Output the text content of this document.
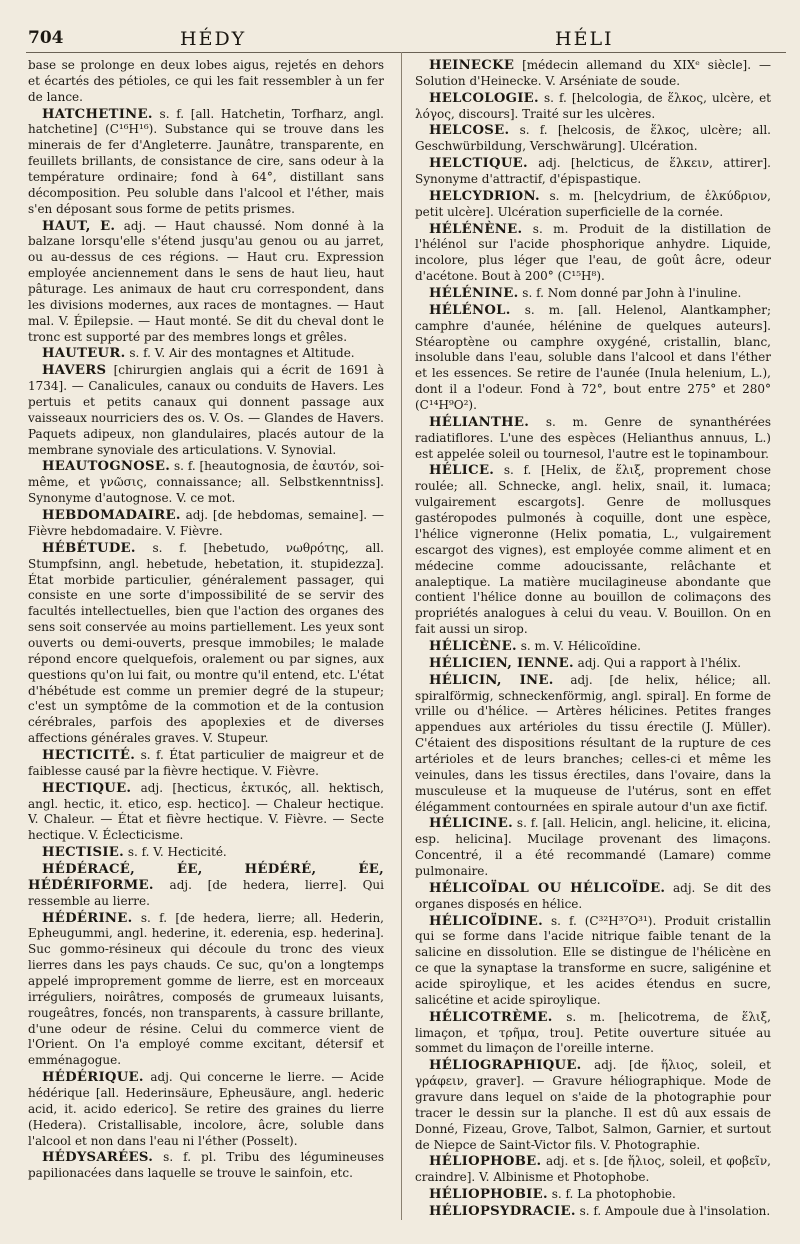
704	HÉDY	HÉLI

base se prolonge en deux lobes aigus, rejetés en dehors et écartés des pétioles, ce qui les fait ressembler à un fer de lance.

HATCHETINE. s. f. [all. Hatchetin, Torfharz, angl. hatchetine] (C¹⁶H¹⁶). Substance qui se trouve dans les minerais de fer d'Angleterre. Jaunâtre, transparente, en feuillets brillants, de consistance de cire, sans odeur à la température ordinaire; fond à 64°, distillant sans décomposition. Peu soluble dans l'alcool et l'éther, mais s'en déposant sous forme de petits prismes.

HAUT, E. adj. — Haut chaussé. Nom donné à la balzane lorsqu'elle s'étend jusqu'au genou ou au jarret, ou au-dessus de ces régions. — Haut cru. Expression employée anciennement dans le sens de haut lieu, haut pâturage. Les animaux de haut cru correspondent, dans les divisions modernes, aux races de montagnes. — Haut mal. V. Épilepsie. — Haut monté. Se dit du cheval dont le tronc est supporté par des membres longs et grêles.

HAUTEUR. s. f. V. Air des montagnes et Altitude.

HAVERS [chirurgien anglais qui a écrit de 1691 à 1734]. — Canalicules, canaux ou conduits de Havers. Les pertuis et petits canaux qui donnent passage aux vaisseaux nourriciers des os. V. Os. — Glandes de Havers. Paquets adipeux, non glandulaires, placés autour de la membrane synoviale des articulations. V. Synovial.

HEAUTOGNOSE. s. f. [heautognosia, de ἑαυτόν, soi-même, et γνῶσις, connaissance; all. Selbstkenntniss]. Synonyme d'autognose. V. ce mot.

HEBDOMADAIRE. adj. [de hebdomas, semaine]. — Fièvre hebdomadaire. V. Fièvre.

HÉBÉTUDE. s. f. [hebetudo, νωθρότης, all. Stumpfsinn, angl. hebetude, hebetation, it. stupidezza]. État morbide particulier, généralement passager, qui consiste en une sorte d'impossibilité de se servir des facultés intellectuelles, bien que l'action des organes des sens soit conservée au moins partiellement. Les yeux sont ouverts ou demi-ouverts, presque immobiles; le malade répond encore quelquefois, oralement ou par signes, aux questions qu'on lui fait, ou montre qu'il entend, etc. L'état d'hébétude est comme un premier degré de la stupeur; c'est un symptôme de la commotion et de la contusion cérébrales, parfois des apoplexies et de diverses affections générales graves. V. Stupeur.

HECTICITÉ. s. f. État particulier de maigreur et de faiblesse causé par la fièvre hectique. V. Fièvre.

HECTIQUE. adj. [hecticus, ἑκτικός, all. hektisch, angl. hectic, it. etico, esp. hectico]. — Chaleur hectique. V. Chaleur. — État et fièvre hectique. V. Fièvre. — Secte hectique. V. Éclecticisme.

HECTISIE. s. f. V. Hecticité.

HÉDÉRACÉ, ÉE, HÉDÉRÉ, ÉE, HÉDÉRIFORME. adj. [de hedera, lierre]. Qui ressemble au lierre.

HÉDÉRINE. s. f. [de hedera, lierre; all. Hederin, Epheugummi, angl. hederine, it. ederenia, esp. hederina]. Suc gommo-résineux qui découle du tronc des vieux lierres dans les pays chauds. Ce suc, qu'on a longtemps appelé improprement gomme de lierre, est en morceaux irréguliers, noirâtres, composés de grumeaux luisants, rougeâtres, foncés, non transparents, à cassure brillante, d'une odeur de résine. Celui du commerce vient de l'Orient. On l'a employé comme excitant, détersif et emménagogue.

HÉDÉRIQUE. adj. Qui concerne le lierre. — Acide hédérique [all. Hederinsäure, Epheusäure, angl. hederic acid, it. acido ederico]. Se retire des graines du lierre (Hedera). Cristallisable, incolore, âcre, soluble dans l'alcool et non dans l'eau ni l'éther (Posselt).

HÉDYSARÉES. s. f. pl. Tribu des légumineuses papilionacées dans laquelle se trouve le sainfoin, etc.

HEINECKE [médecin allemand du XIXᵉ siècle]. — Solution d'Heinecke. V. Arséniate de soude.

HELCOLOGIE. s. f. [helcologia, de ἕλκος, ulcère, et λόγος, discours]. Traité sur les ulcères.

HELCOSE. s. f. [helcosis, de ἕλκος, ulcère; all. Geschwürbildung, Verschwärung]. Ulcération.

HELCTIQUE. adj. [helcticus, de ἕλκειν, attirer]. Synonyme d'attractif, d'épispastique.

HELCYDRION. s. m. [helcydrium, de ἑλκύδριον, petit ulcère]. Ulcération superficielle de la cornée.

HÉLÉNÈNE. s. m. Produit de la distillation de l'hélénol sur l'acide phosphorique anhydre. Liquide, incolore, plus léger que l'eau, de goût âcre, odeur d'acétone. Bout à 200° (C¹⁵H⁸).

HÉLÉNINE. s. f. Nom donné par John à l'inuline.

HÉLÉNOL. s. m. [all. Helenol, Alantkampher; camphre d'aunée, hélénine de quelques auteurs]. Stéaroptène ou camphre oxygéné, cristallin, blanc, insoluble dans l'eau, soluble dans l'alcool et dans l'éther et les essences. Se retire de l'aunée (Inula helenium, L.), dont il a l'odeur. Fond à 72°, bout entre 275° et 280° (C¹⁴H⁹O²).

HÉLIANTHE. s. m. Genre de synanthérées radiatiflores. L'une des espèces (Helianthus annuus, L.) est appelée soleil ou tournesol, l'autre est le topinambour.

HÉLICE. s. f. [Helix, de ἕλιξ, proprement chose roulée; all. Schnecke, angl. helix, snail, it. lumaca; vulgairement escargots]. Genre de mollusques gastéropodes pulmonés à coquille, dont une espèce, l'hélice vigneronne (Helix pomatia, L., vulgairement escargot des vignes), est employée comme aliment et en médecine comme adoucissante, relâchante et analeptique. La matière mucilagineuse abondante que contient l'hélice donne au bouillon de colimaçons des propriétés analogues à celui du veau. V. Bouillon. On en fait aussi un sirop.

HÉLICÈNE. s. m. V. Hélicoïdine.

HÉLICIEN, IENNE. adj. Qui a rapport à l'hélix.

HÉLICIN, INE. adj. [de helix, hélice; all. spiralförmig, schneckenförmig, angl. spiral]. En forme de vrille ou d'hélice. — Artères hélicines. Petites franges appendues aux artérioles du tissu érectile (J. Müller). C'étaient des dispositions résultant de la rupture de ces artérioles et de leurs branches; celles-ci et même les veinules, dans les tissus érectiles, dans l'ovaire, dans la musculeuse et la muqueuse de l'utérus, sont en effet élégamment contournées en spirale autour d'un axe fictif.

HÉLICINE. s. f. [all. Helicin, angl. helicine, it. elicina, esp. helicina]. Mucilage provenant des limaçons. Concentré, il a été recommandé (Lamare) comme pulmonaire.

HÉLICOÏDAL OU HÉLICOÏDE. adj. Se dit des organes disposés en hélice.

HÉLICOÏDINE. s. f. (C³²H³⁷O³¹). Produit cristallin qui se forme dans l'acide nitrique faible tenant de la salicine en dissolution. Elle se distingue de l'hélicène en ce que la synaptase la transforme en sucre, saligénine et acide spiroylique, et les acides étendus en sucre, salicétine et acide spiroylique.

HÉLICOTRÈME. s. m. [helicotrema, de ἕλιξ, limaçon, et τρῆμα, trou]. Petite ouverture située au sommet du limaçon de l'oreille interne.

HÉLIOGRAPHIQUE. adj. [de ἥλιος, soleil, et γράφειν, graver]. — Gravure héliographique. Mode de gravure dans lequel on s'aide de la photographie pour tracer le dessin sur la planche. Il est dû aux essais de Donné, Fizeau, Grove, Talbot, Salmon, Garnier, et surtout de Niepce de Saint-Victor fils. V. Photographie.

HÉLIOPHOBE. adj. et s. [de ἥλιος, soleil, et φοβεῖν, craindre]. V. Albinisme et Photophobe.

HÉLIOPHOBIE. s. f. La photophobie.

HÉLIOPSYDRACIE. s. f. Ampoule due à l'insolation.
